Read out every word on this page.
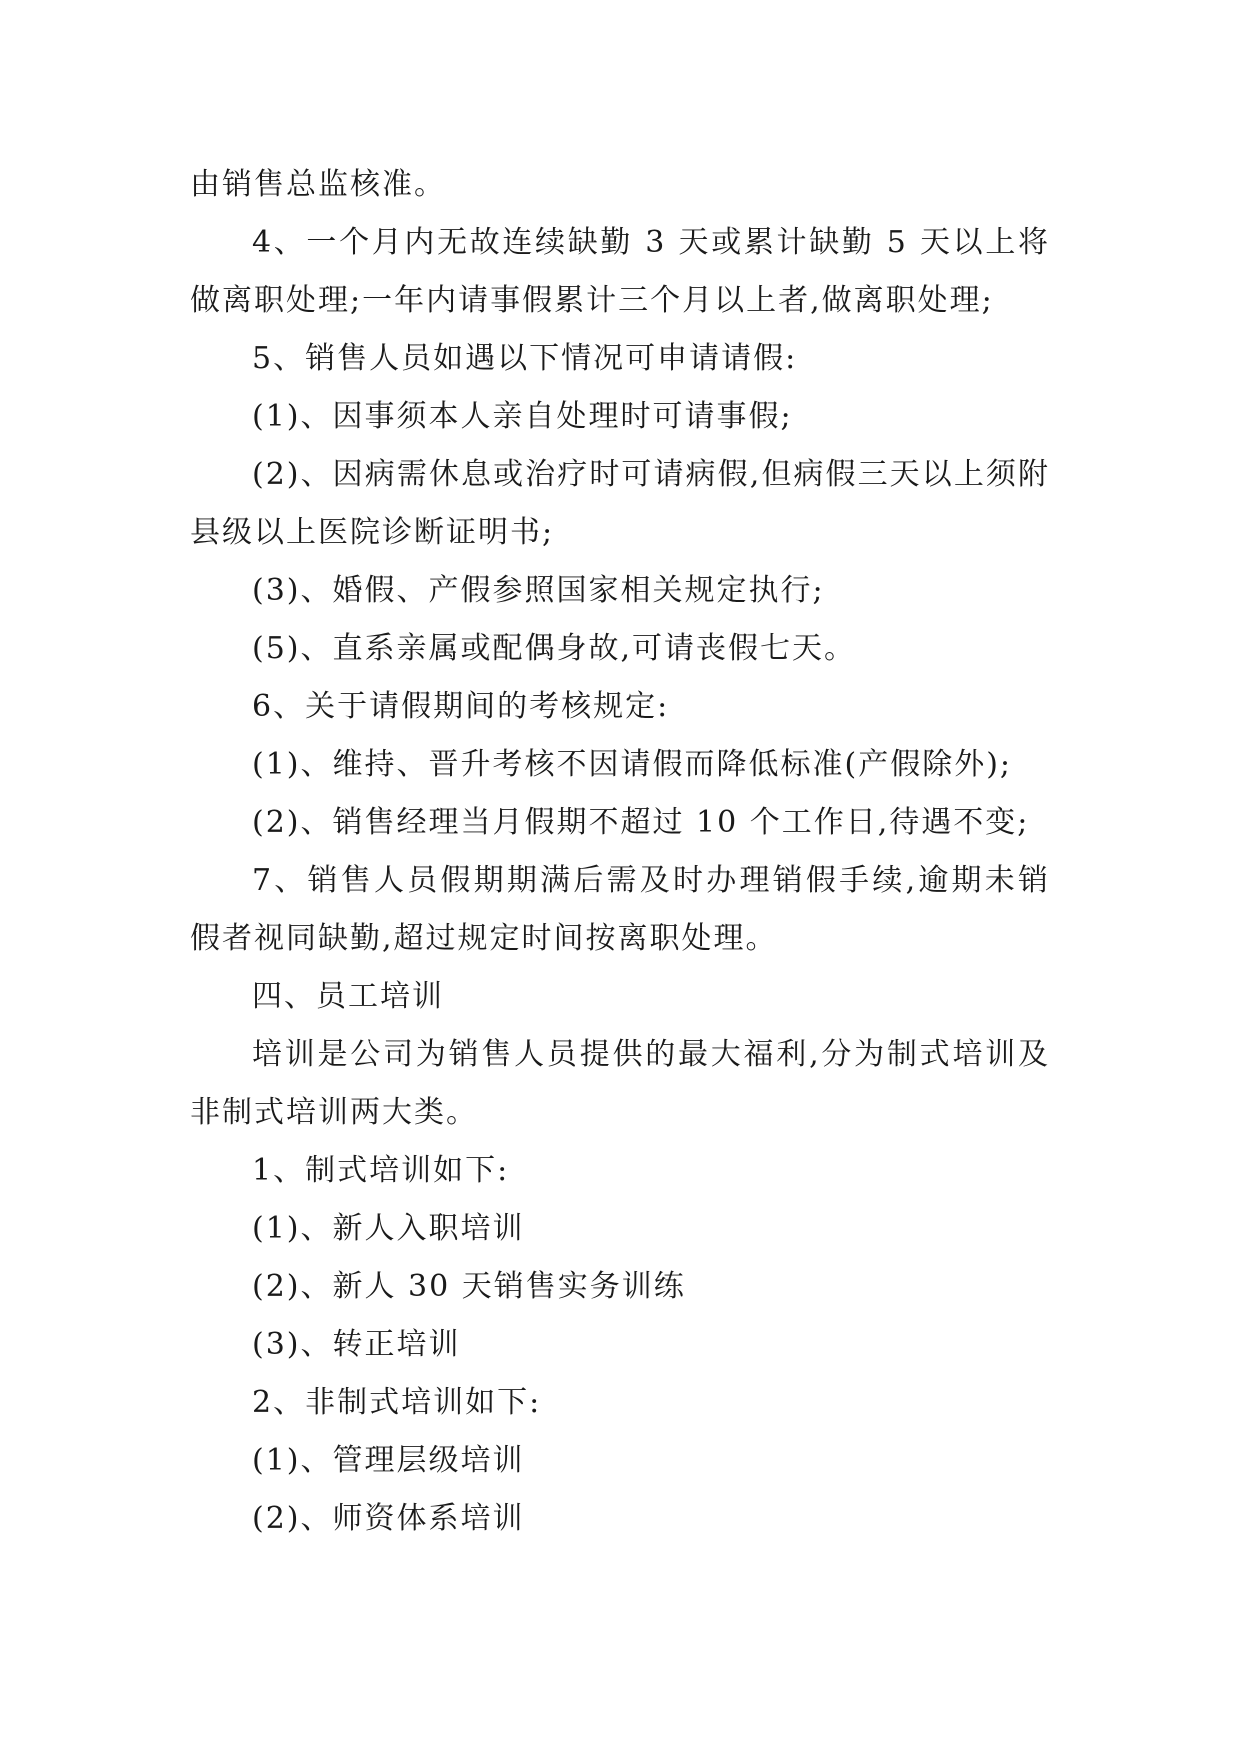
由销售总监核准。

4、一个月内无故连续缺勤 3 天或累计缺勤 5 天以上将做离职处理;一年内请事假累计三个月以上者,做离职处理;

5、销售人员如遇以下情况可申请请假:

(1)、因事须本人亲自处理时可请事假;

(2)、因病需休息或治疗时可请病假,但病假三天以上须附县级以上医院诊断证明书;

(3)、婚假、产假参照国家相关规定执行;

(5)、直系亲属或配偶身故,可请丧假七天。

6、关于请假期间的考核规定:

(1)、维持、晋升考核不因请假而降低标准(产假除外);

(2)、销售经理当月假期不超过 10 个工作日,待遇不变;

7、销售人员假期期满后需及时办理销假手续,逾期未销假者视同缺勤,超过规定时间按离职处理。

四、员工培训

培训是公司为销售人员提供的最大福利,分为制式培训及非制式培训两大类。

1、制式培训如下:

(1)、新人入职培训

(2)、新人 30 天销售实务训练

(3)、转正培训

2、非制式培训如下:

(1)、管理层级培训

(2)、师资体系培训
